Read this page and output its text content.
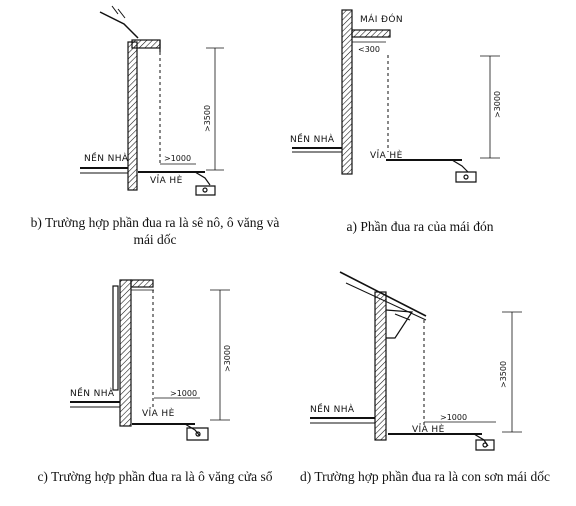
NỀN NHÀ
VỈA HÈ
>1000
>3500
MÁI ĐÓN
<300
NỀN NHÀ
VỈA HÈ
>3000
NỀN NHÀ
VỈA HÈ
>1000
>3000
NỀN NHÀ
VỈA HÈ
>1000
>3500
b) Trường hợp phần đua ra là sê nô, ô văng và mái dốc
a) Phần đua ra của mái đón
c) Trường hợp phần đua ra là ô văng cửa sổ	d) Trường hợp phần đua ra là con sơn mái dốc
